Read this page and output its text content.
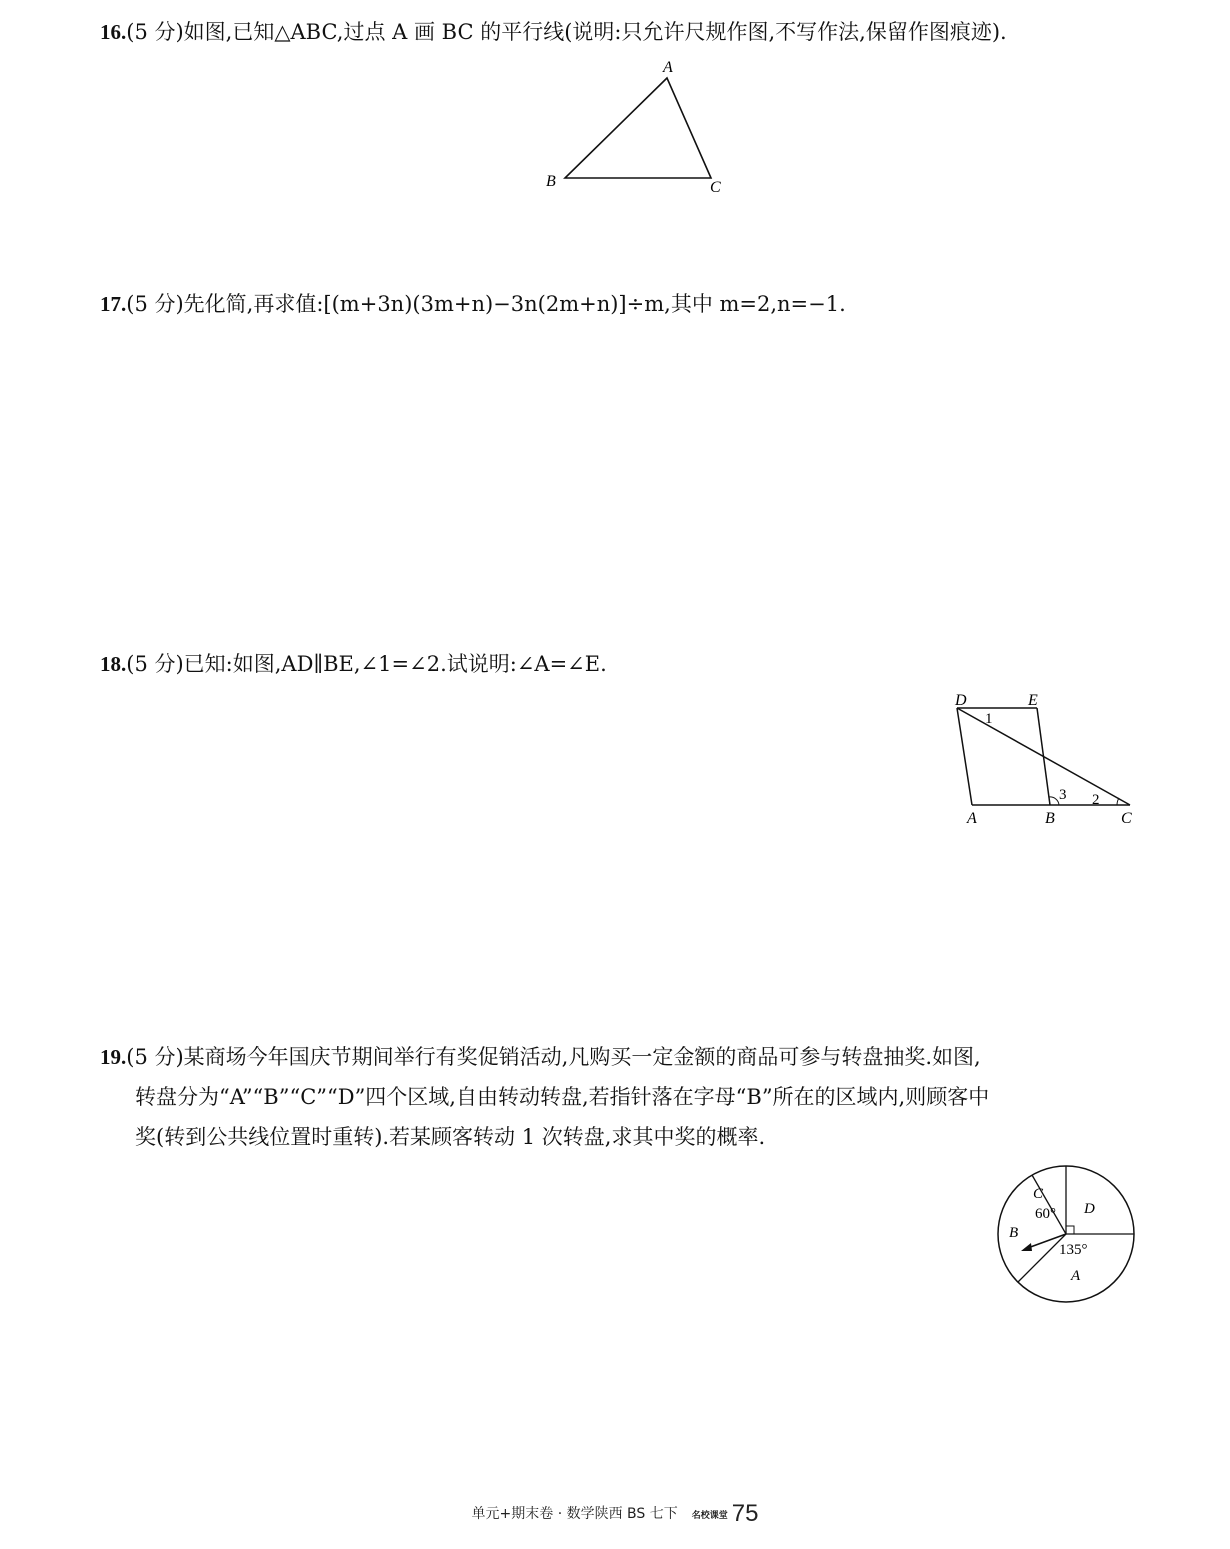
16.(5 分)如图,已知△ABC,过点 A 画 BC 的平行线(说明:只允许尺规作图,不写作法,保留作图痕迹).
A
B	C
17.(5 分)先化简,再求值:[(m+3n)(3m+n)−3n(2m+n)]÷m,其中 m=2,n=−1.
18.(5 分)已知:如图,AD∥BE,∠1=∠2.试说明:∠A=∠E.
D	E
A	B	C
1
2
3
19.(5 分)某商场今年国庆节期间举行有奖促销活动,凡购买一定金额的商品可参与转盘抽奖.如图,
转盘分为“A”“B”“C”“D”四个区域,自由转动转盘,若指针落在字母“B”所在的区域内,则顾客中
奖(转到公共线位置时重转).若某顾客转动 1 次转盘,求其中奖的概率.
C
D
B
A
60°
135°
单元+期末卷 · 数学陕西 BS 七下 名校课堂 75
